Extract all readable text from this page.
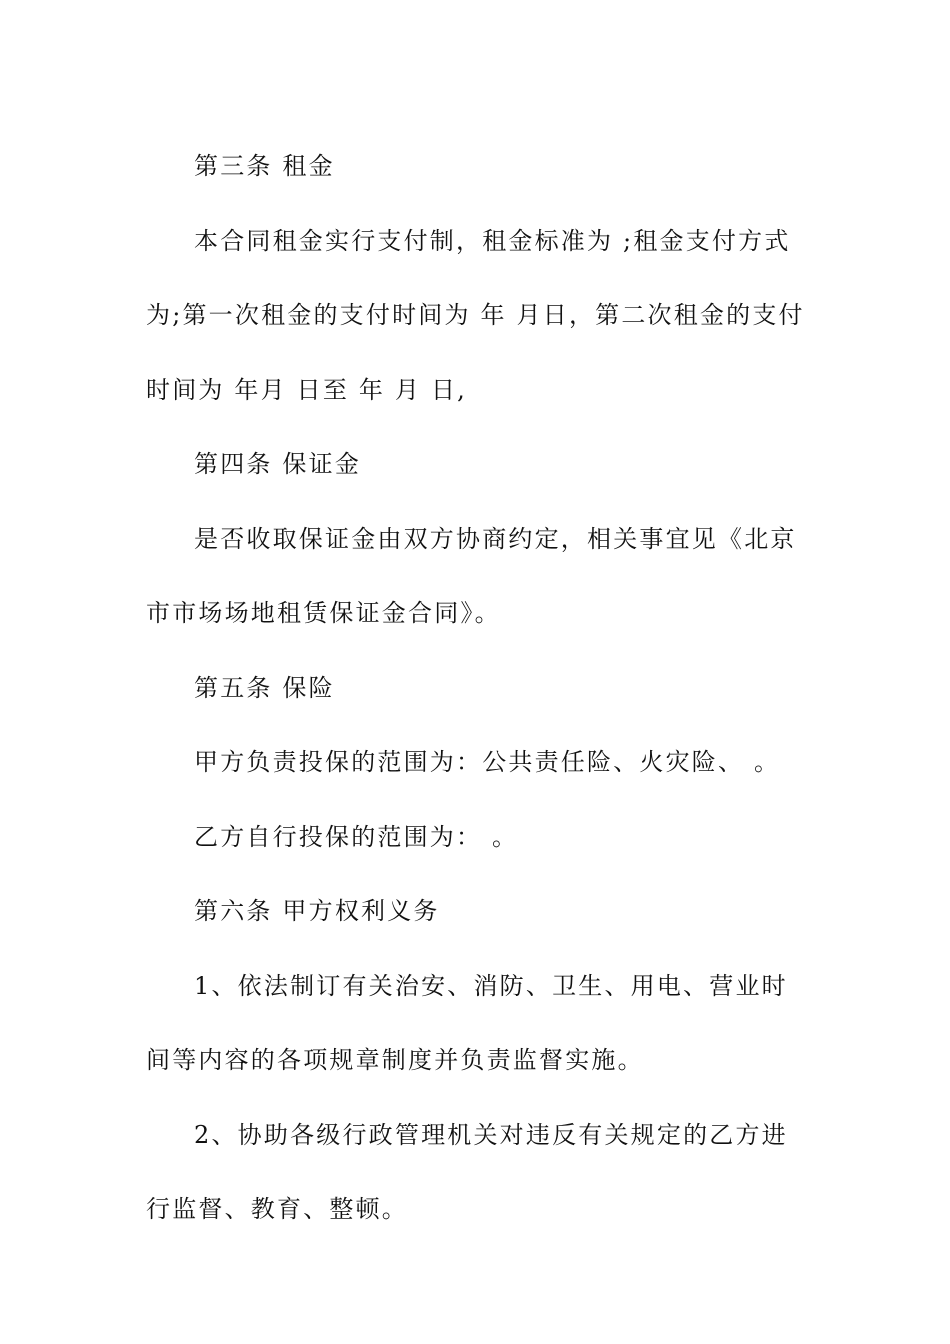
第三条 租金

本合同租金实行支付制，租金标准为 ;租金支付方式为;第一次租金的支付时间为 年 月日，第二次租金的支付时间为 年月 日至 年 月 日,

第四条 保证金

是否收取保证金由双方协商约定，相关事宜见《北京市市场场地租赁保证金合同》。

第五条 保险

甲方负责投保的范围为：公共责任险、火灾险、 。

乙方自行投保的范围为： 。

第六条 甲方权利义务

1、依法制订有关治安、消防、卫生、用电、营业时间等内容的各项规章制度并负责监督实施。

2、协助各级行政管理机关对违反有关规定的乙方进行监督、教育、整顿。
